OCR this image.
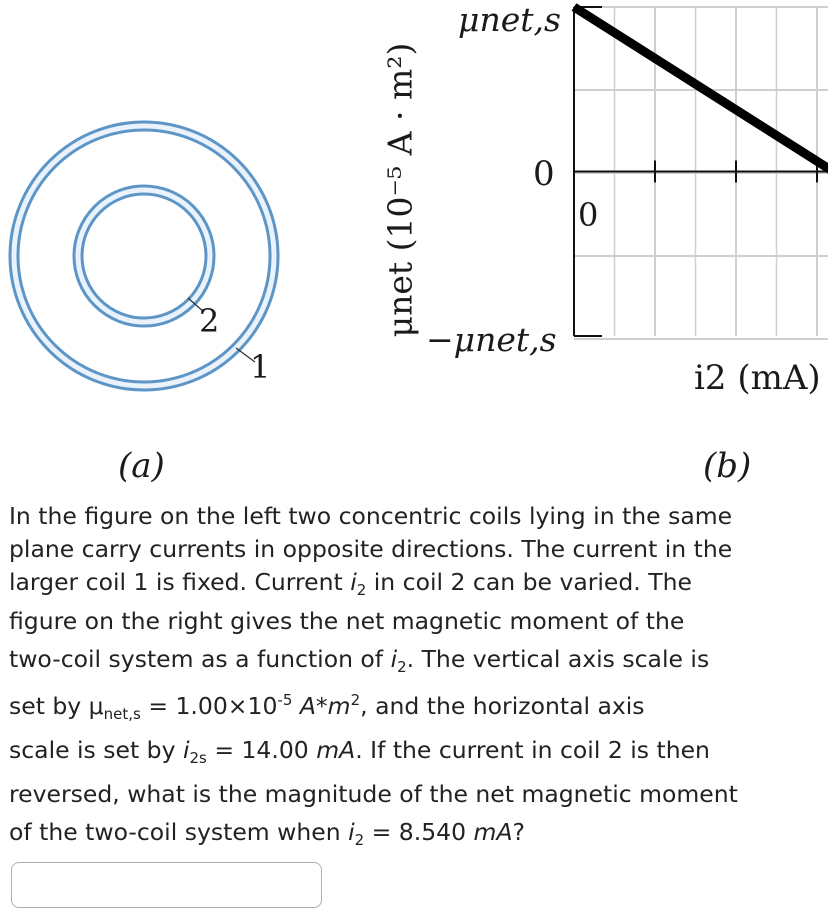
2
1
(a)
μnet,s
0
−μnet,s
0
μnet (10⁻⁵ A · m²)
i2 (mA)
(b)
In the figure on the left two concentric coils lying in the same
plane carry currents in opposite directions. The current in the
larger coil 1 is fixed. Current $i_2$ in coil 2 can be varied. The
figure on the right gives the net magnetic moment of the
two-coil system as a function of $i_2$. The vertical axis scale is
set by $\mu_{net,s} = 1.00\times 10^{-5}$ $A*m^2$, and the horizontal axis
scale is set by $i_{2s} = 14.00$ mA. If the current in coil 2 is then
reversed, what is the magnitude of the net magnetic moment
of the two-coil system when $i_2 = 8.540$ mA?
